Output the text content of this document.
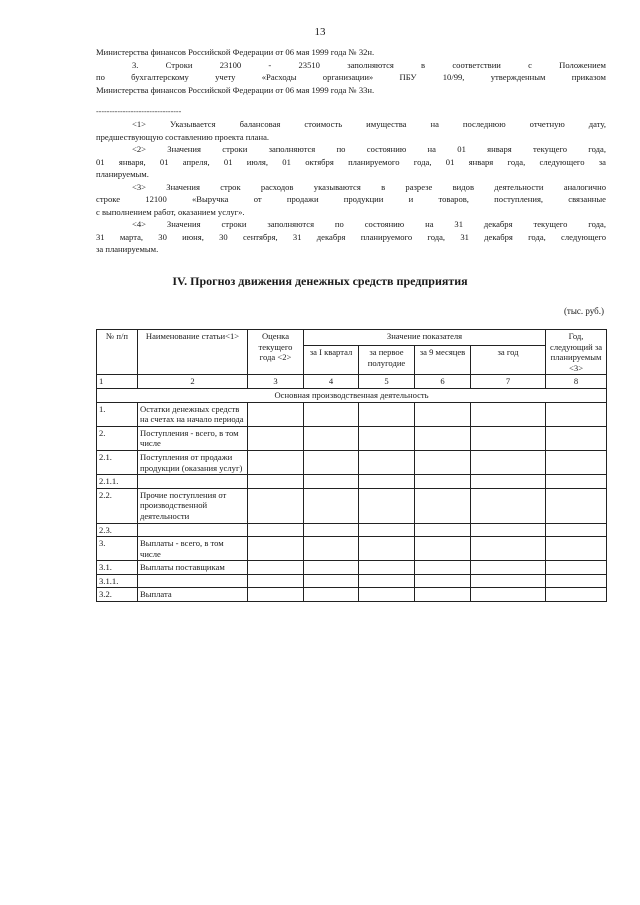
13
Министерства финансов Российской Федерации от 06 мая 1999 года № 32н.
3. Строки 23100 - 23510 заполняются в соответствии с Положением
по бухгалтерскому учету «Расходы организации» ПБУ 10/99, утвержденным приказом
Министерства финансов Российской Федерации от 06 мая 1999 года № 33н.
--------------------------------
<1> Указывается балансовая стоимость имущества на последнюю отчетную дату,
предшествующую составлению проекта плана.
<2> Значения строки заполняются по состоянию на 01 января текущего года,
01 января, 01 апреля, 01 июля, 01 октября планируемого года, 01 января года, следующего за
планируемым.
<3> Значения строк расходов указываются в разрезе видов деятельности аналогично
строке 12100 «Выручка от продажи продукции и товаров, поступления, связанные
с выполнением работ, оказанием услуг».
<4> Значения строки заполняются по состоянию на 31 декабря текущего года,
31 марта, 30 июня, 30 сентября, 31 декабря планируемого года, 31 декабря года, следующего
за планируемым.
IV. Прогноз движения денежных средств предприятия
(тыс. руб.)
№ п/п	Наименование статьи<1>	Оценка текущего года <2>	Значение показателя				Год, следующий за планируемым <3>
			за I квартал	за первое полугодие	за 9 месяцев	за год	
1	2	3	4	5	6	7	8
Основная производственная деятельность							
1.	Остатки денежных средств на счетах на начало периода						
2.	Поступления - всего, в том числе						
2.1.	Поступления от продажи продукции (оказания услуг)						
2.1.1.							
2.2.	Прочие поступления от производственной деятельности						
2.3.							
3.	Выплаты - всего, в том числе						
3.1.	Выплаты поставщикам						
3.1.1.							
3.2.	Выплата						
